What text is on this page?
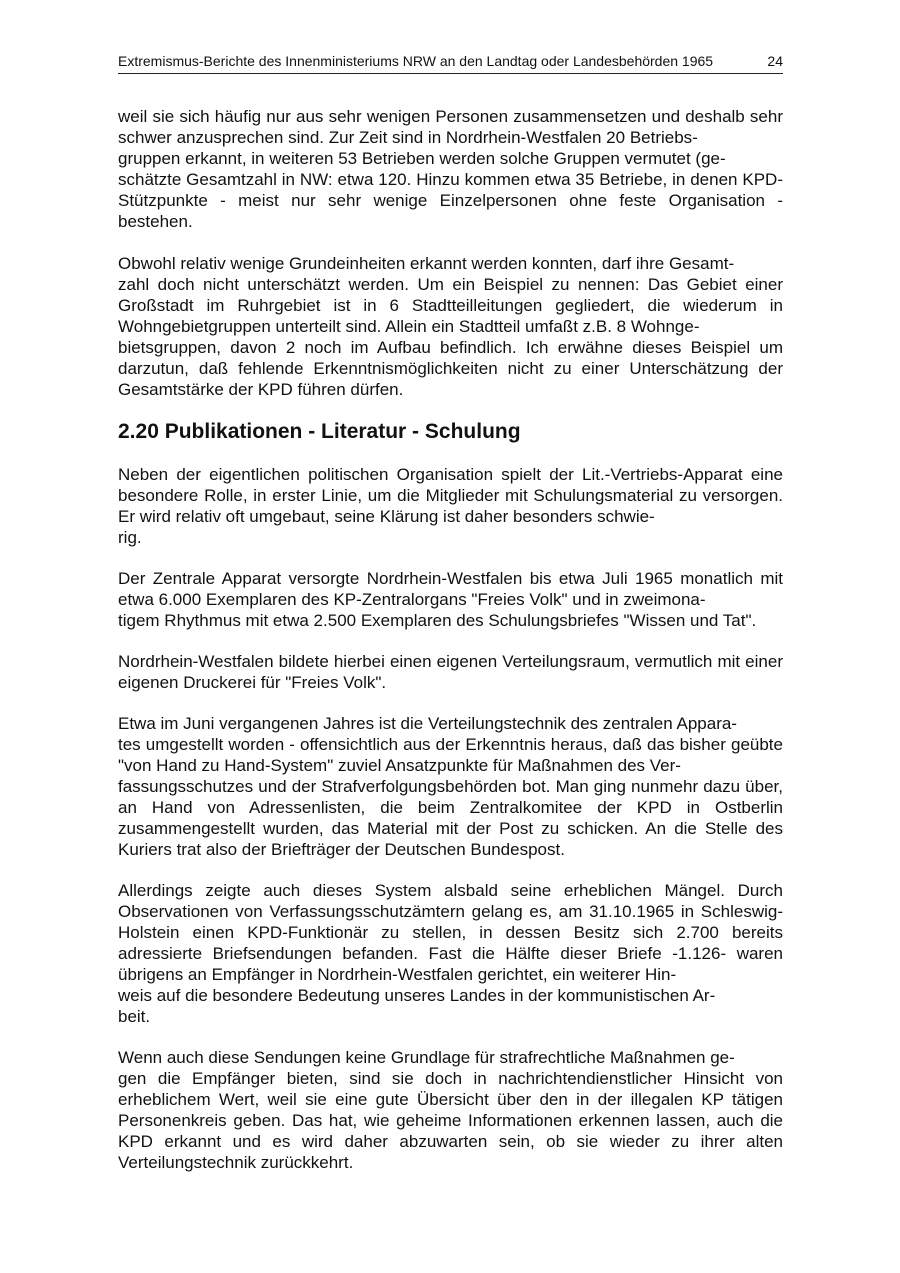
Extremismus-Berichte des Innenministeriums NRW an den Landtag oder Landesbehörden 1965	24

weil sie sich häufig nur aus sehr wenigen Personen zusammensetzen und deshalb sehr schwer anzusprechen sind. Zur Zeit sind in Nordrhein-Westfalen 20 Betriebs-
gruppen erkannt, in weiteren 53 Betrieben werden solche Gruppen vermutet (ge-
schätzte Gesamtzahl in NW: etwa 120. Hinzu kommen etwa 35 Betriebe, in denen KPD-Stützpunkte - meist nur sehr wenige Einzelpersonen ohne feste Organisation - bestehen.

Obwohl relativ wenige Grundeinheiten erkannt werden konnten, darf ihre Gesamt-
zahl doch nicht unterschätzt werden. Um ein Beispiel zu nennen: Das Gebiet einer Großstadt im Ruhrgebiet ist in 6 Stadtteilleitungen gegliedert, die wiederum in Wohngebietgruppen unterteilt sind. Allein ein Stadtteil umfaßt z.B. 8 Wohnge-
bietsgruppen, davon 2 noch im Aufbau befindlich. Ich erwähne dieses Beispiel um darzutun, daß fehlende Erkenntnismöglichkeiten nicht zu einer Unterschätzung der Gesamtstärke der KPD führen dürfen.

2.20 Publikationen - Literatur - Schulung

Neben der eigentlichen politischen Organisation spielt der Lit.-Vertriebs-Apparat eine besondere Rolle, in erster Linie, um die Mitglieder mit Schulungsmaterial zu versorgen. Er wird relativ oft umgebaut, seine Klärung ist daher besonders schwie-
rig.

Der Zentrale Apparat versorgte Nordrhein-Westfalen bis etwa Juli 1965 monatlich mit etwa 6.000 Exemplaren des KP-Zentralorgans "Freies Volk" und in zweimona-
tigem Rhythmus mit etwa 2.500 Exemplaren des Schulungsbriefes "Wissen und Tat".

Nordrhein-Westfalen bildete hierbei einen eigenen Verteilungsraum, vermutlich mit einer eigenen Druckerei für "Freies Volk".

Etwa im Juni vergangenen Jahres ist die Verteilungstechnik des zentralen Appara-
tes umgestellt worden - offensichtlich aus der Erkenntnis heraus, daß das bisher geübte "von Hand zu Hand-System" zuviel Ansatzpunkte für Maßnahmen des Ver-
fassungsschutzes und der Strafverfolgungsbehörden bot. Man ging nunmehr dazu über, an Hand von Adressenlisten, die beim Zentralkomitee der KPD in Ostberlin zusammengestellt wurden, das Material mit der Post zu schicken. An die Stelle des Kuriers trat also der Briefträger der Deutschen Bundespost.

Allerdings zeigte auch dieses System alsbald seine erheblichen Mängel. Durch Observationen von Verfassungsschutzämtern gelang es, am 31.10.1965 in Schleswig-Holstein einen KPD-Funktionär zu stellen, in dessen Besitz sich 2.700 bereits adressierte Briefsendungen befanden. Fast die Hälfte dieser Briefe -1.126- waren übrigens an Empfänger in Nordrhein-Westfalen gerichtet, ein weiterer Hin-
weis auf die besondere Bedeutung unseres Landes in der kommunistischen Ar-
beit.

Wenn auch diese Sendungen keine Grundlage für strafrechtliche Maßnahmen ge-
gen die Empfänger bieten, sind sie doch in nachrichtendienstlicher Hinsicht von erheblichem Wert, weil sie eine gute Übersicht über den in der illegalen KP tätigen Personenkreis geben. Das hat, wie geheime Informationen erkennen lassen, auch die KPD erkannt und es wird daher abzuwarten sein, ob sie wieder zu ihrer alten Verteilungstechnik zurückkehrt.
